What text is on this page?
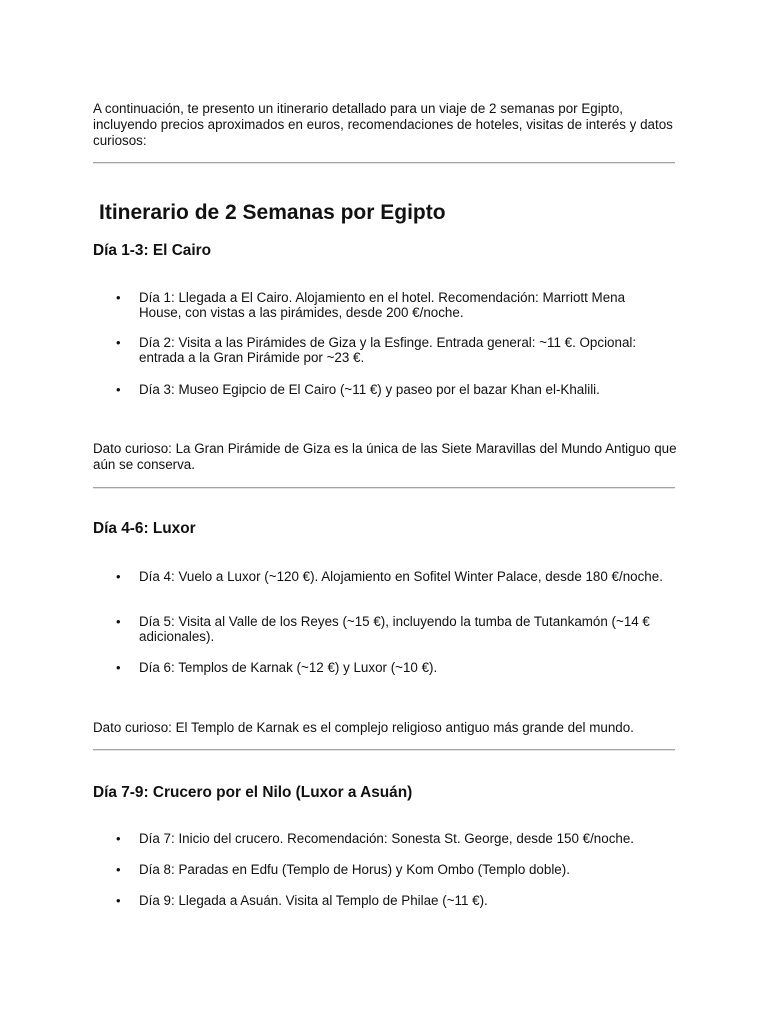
A continuación, te presento un itinerario detallado para un viaje de 2 semanas por Egipto, incluyendo precios aproximados en euros, recomendaciones de hoteles, visitas de interés y datos curiosos:

Itinerario de 2 Semanas por Egipto
Día 1-3: El Cairo
• Día 1: Llegada a El Cairo. Alojamiento en el hotel. Recomendación: Marriott Mena House, con vistas a las pirámides, desde 200 €/noche.
• Día 2: Visita a las Pirámides de Giza y la Esfinge. Entrada general: ~11 €. Opcional: entrada a la Gran Pirámide por ~23 €.
• Día 3: Museo Egipcio de El Cairo (~11 €) y paseo por el bazar Khan el-Khalili.

Dato curioso: La Gran Pirámide de Giza es la única de las Siete Maravillas del Mundo Antiguo que aún se conserva.

Día 4-6: Luxor
• Día 4: Vuelo a Luxor (~120 €). Alojamiento en Sofitel Winter Palace, desde 180 €/noche.
• Día 5: Visita al Valle de los Reyes (~15 €), incluyendo la tumba de Tutankamón (~14 € adicionales).
• Día 6: Templos de Karnak (~12 €) y Luxor (~10 €).

Dato curioso: El Templo de Karnak es el complejo religioso antiguo más grande del mundo.

Día 7-9: Crucero por el Nilo (Luxor a Asuán)
• Día 7: Inicio del crucero. Recomendación: Sonesta St. George, desde 150 €/noche.
• Día 8: Paradas en Edfu (Templo de Horus) y Kom Ombo (Templo doble).
• Día 9: Llegada a Asuán. Visita al Templo de Philae (~11 €).
